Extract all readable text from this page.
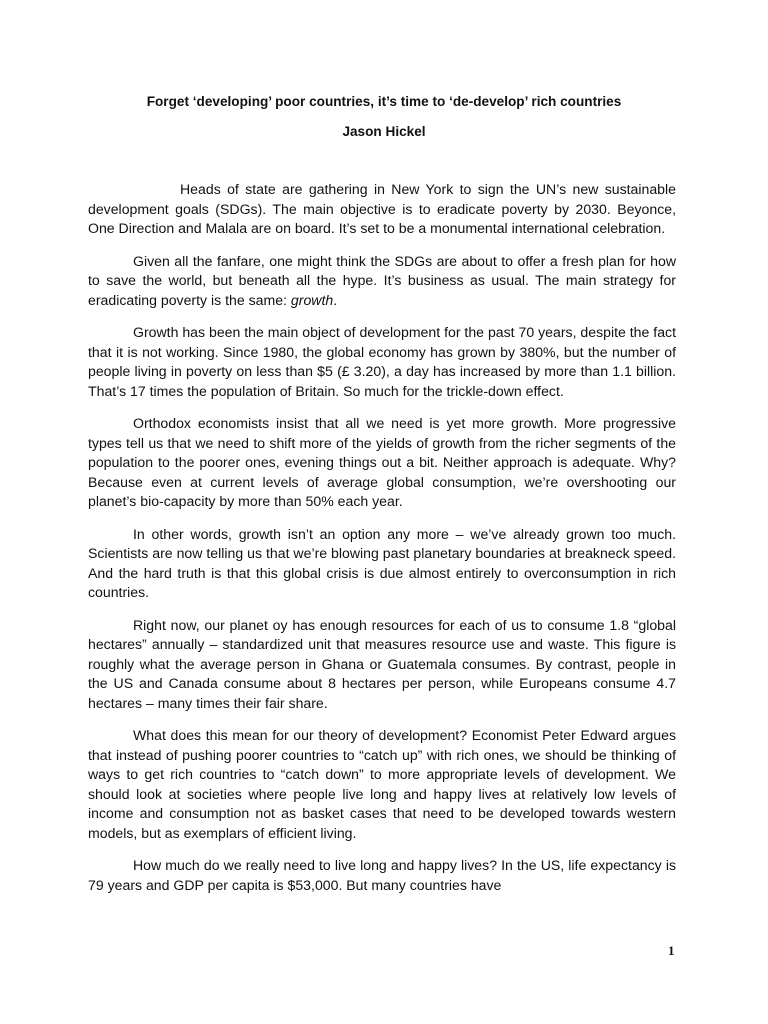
Forget ‘developing’ poor countries, it’s time to ‘de-develop’ rich countries

Jason Hickel

Heads of state are gathering in New York to sign the UN’s new sustainable development goals (SDGs). The main objective is to eradicate poverty by 2030. Beyonce, One Direction and Malala are on board. It’s set to be a monumental international celebration.

Given all the fanfare, one might think the SDGs are about to offer a fresh plan for how to save the world, but beneath all the hype. It’s business as usual. The main strategy for eradicating poverty is the same: growth.

Growth has been the main object of development for the past 70 years, despite the fact that it is not working. Since 1980, the global economy has grown by 380%, but the number of people living in poverty on less than $5 (£ 3.20), a day has increased by more than 1.1 billion. That’s 17 times the population of Britain. So much for the trickle-down effect.

Orthodox economists insist that all we need is yet more growth. More progressive types tell us that we need to shift more of the yields of growth from the richer segments of the population to the poorer ones, evening things out a bit. Neither approach is adequate. Why? Because even at current levels of average global consumption, we’re overshooting our planet’s bio-capacity by more than 50% each year.

In other words, growth isn’t an option any more – we’ve already grown too much. Scientists are now telling us that we’re blowing past planetary boundaries at breakneck speed. And the hard truth is that this global crisis is due almost entirely to overconsumption in rich countries.

Right now, our planet oy has enough resources for each of us to consume 1.8 “global hectares” annually – standardized unit that measures resource use and waste. This figure is roughly what the average person in Ghana or Guatemala consumes. By contrast, people in the US and Canada consume about 8 hectares per person, while Europeans consume 4.7 hectares – many times their fair share.

What does this mean for our theory of development? Economist Peter Edward argues that instead of pushing poorer countries to “catch up” with rich ones, we should be thinking of ways to get rich countries to “catch down” to more appropriate levels of development. We should look at societies where people live long and happy lives at relatively low levels of income and consumption not as basket cases that need to be developed towards western models, but as exemplars of efficient living.

How much do we really need to live long and happy lives? In the US, life expectancy is 79 years and GDP per capita is $53,000. But many countries have

1
